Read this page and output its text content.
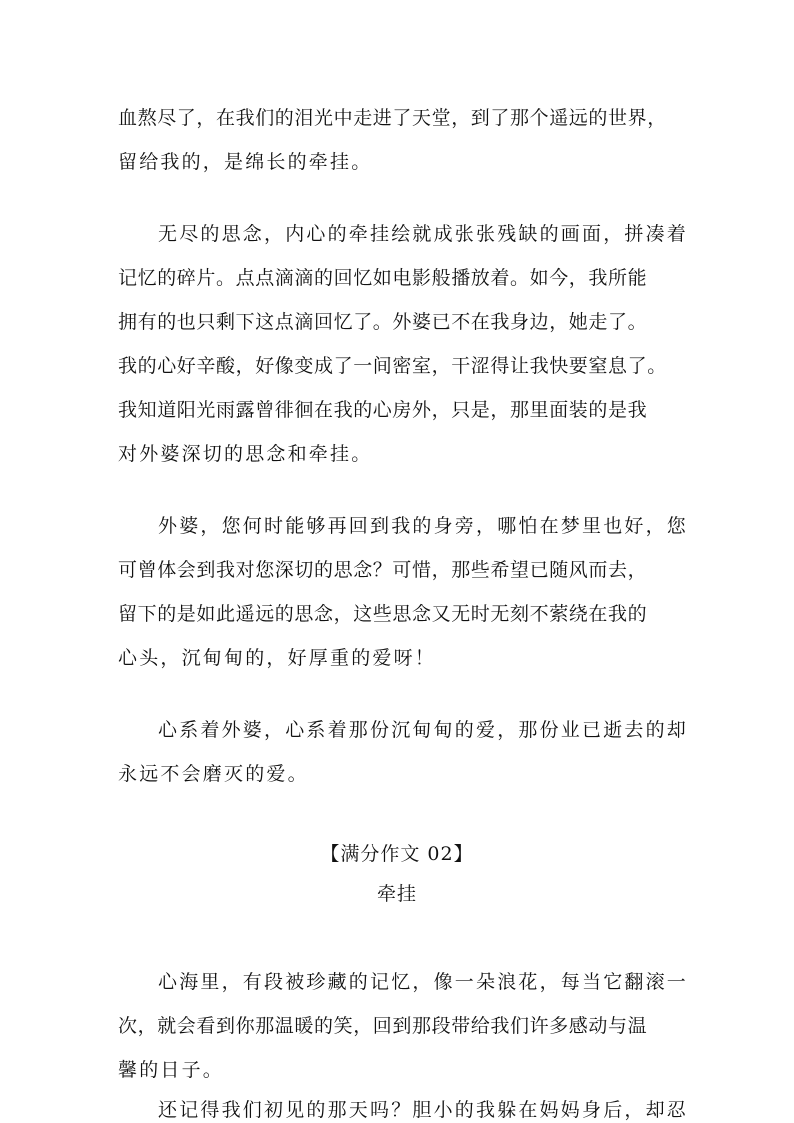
血熬尽了，在我们的泪光中走进了天堂，到了那个遥远的世界，
留给我的，是绵长的牵挂。
无尽的思念，内心的牵挂绘就成张张残缺的画面，拼凑着
记忆的碎片。点点滴滴的回忆如电影般播放着。如今，我所能
拥有的也只剩下这点滴回忆了。外婆已不在我身边，她走了。
我的心好辛酸，好像变成了一间密室，干涩得让我快要窒息了。
我知道阳光雨露曾徘徊在我的心房外，只是，那里面装的是我
对外婆深切的思念和牵挂。
外婆，您何时能够再回到我的身旁，哪怕在梦里也好，您
可曾体会到我对您深切的思念？可惜，那些希望已随风而去，
留下的是如此遥远的思念，这些思念又无时无刻不萦绕在我的
心头，沉甸甸的，好厚重的爱呀！
心系着外婆，心系着那份沉甸甸的爱，那份业已逝去的却
永远不会磨灭的爱。
【满分作文 02】
牵挂
心海里，有段被珍藏的记忆，像一朵浪花，每当它翻滚一
次，就会看到你那温暖的笑，回到那段带给我们许多感动与温
馨的日子。
还记得我们初见的那天吗？胆小的我躲在妈妈身后，却忍
